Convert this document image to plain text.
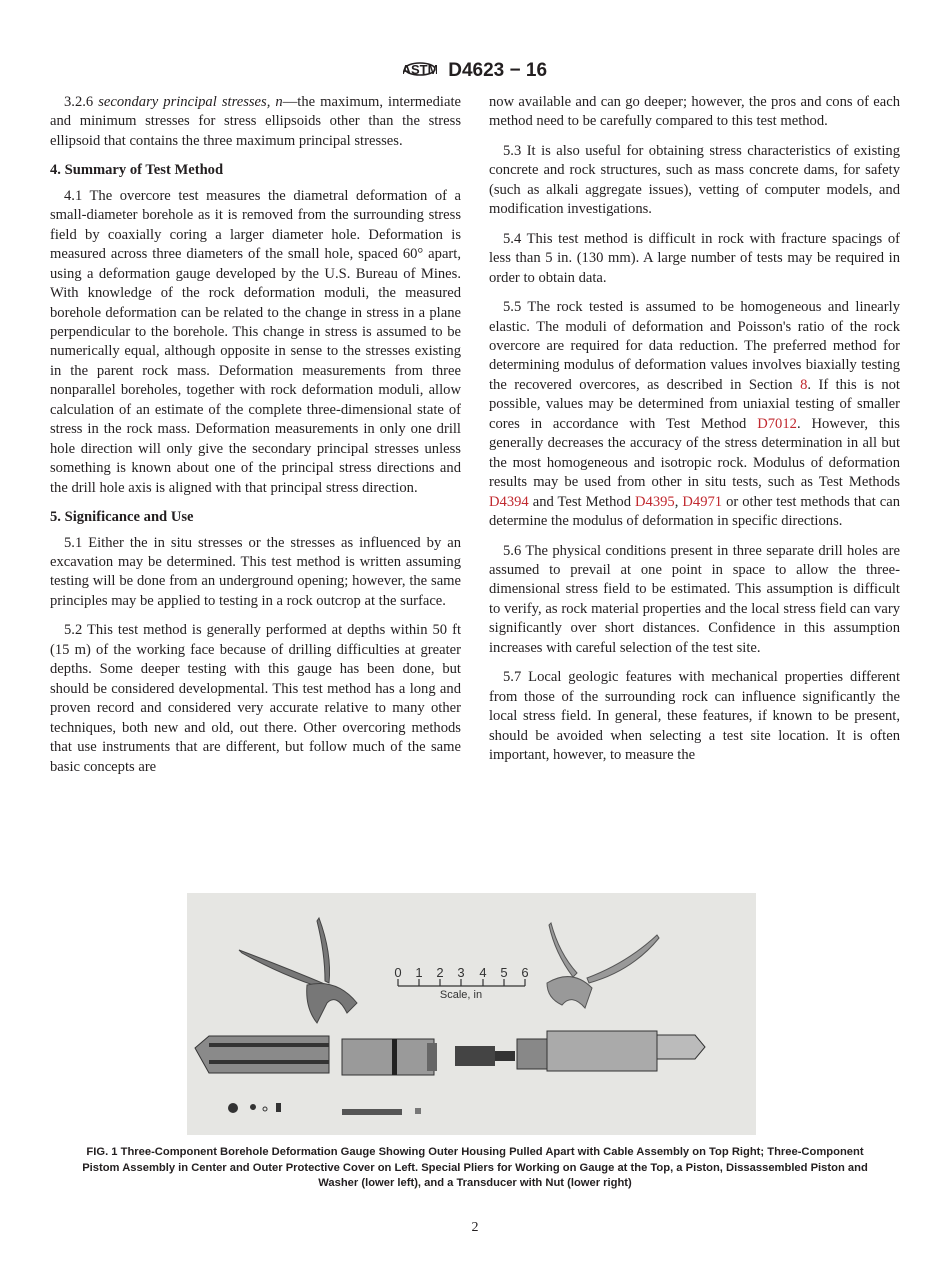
ASTM D4623 − 16

3.2.6 secondary principal stresses, n—the maximum, intermediate and minimum stresses for stress ellipsoids other than the stress ellipsoid that contains the three maximum principal stresses.

4. Summary of Test Method

4.1 The overcore test measures the diametral deformation of a small-diameter borehole as it is removed from the surrounding stress field by coaxially coring a larger diameter hole. Deformation is measured across three diameters of the small hole, spaced 60° apart, using a deformation gauge developed by the U.S. Bureau of Mines. With knowledge of the rock deformation moduli, the measured borehole deformation can be related to the change in stress in a plane perpendicular to the borehole. This change in stress is assumed to be numerically equal, although opposite in sense to the stresses existing in the parent rock mass. Deformation measurements from three nonparallel boreholes, together with rock deformation moduli, allow calculation of an estimate of the complete three-dimensional state of stress in the rock mass. Deformation measurements in only one drill hole direction will only give the secondary principal stresses unless something is known about one of the principal stress directions and the drill hole axis is aligned with that principal stress direction.

5. Significance and Use

5.1 Either the in situ stresses or the stresses as influenced by an excavation may be determined. This test method is written assuming testing will be done from an underground opening; however, the same principles may be applied to testing in a rock outcrop at the surface.

5.2 This test method is generally performed at depths within 50 ft (15 m) of the working face because of drilling difficulties at greater depths. Some deeper testing with this gauge has been done, but should be considered developmental. This test method has a long and proven record and considered very accurate relative to many other techniques, both new and old, out there. Other overcoring methods that use instruments that are different, but follow much of the same basic concepts are

now available and can go deeper; however, the pros and cons of each method need to be carefully compared to this test method.

5.3 It is also useful for obtaining stress characteristics of existing concrete and rock structures, such as mass concrete dams, for safety (such as alkali aggregate issues), vetting of computer models, and modification investigations.

5.4 This test method is difficult in rock with fracture spacings of less than 5 in. (130 mm). A large number of tests may be required in order to obtain data.

5.5 The rock tested is assumed to be homogeneous and linearly elastic. The moduli of deformation and Poisson's ratio of the rock overcore are required for data reduction. The preferred method for determining modulus of deformation values involves biaxially testing the recovered overcores, as described in Section 8. If this is not possible, values may be determined from uniaxial testing of smaller cores in accordance with Test Method D7012. However, this generally decreases the accuracy of the stress determination in all but the most homogeneous and isotropic rock. Modulus of deformation results may be used from other in situ tests, such as Test Methods D4394 and Test Method D4395, D4971 or other test methods that can determine the modulus of deformation in specific directions.

5.6 The physical conditions present in three separate drill holes are assumed to prevail at one point in space to allow the three-dimensional stress field to be estimated. This assumption is difficult to verify, as rock material properties and the local stress field can vary significantly over short distances. Confidence in this assumption increases with careful selection of the test site.

5.7 Local geologic features with mechanical properties different from those of the surrounding rock can influence significantly the local stress field. In general, these features, if known to be present, should be avoided when selecting a test site location. It is often important, however, to measure the

0 1 2 3 4 5 6
Scale, in
FIG. 1 Three-Component Borehole Deformation Gauge Showing Outer Housing Pulled Apart with Cable Assembly on Top Right; Three-Component Pistom Assembly in Center and Outer Protective Cover on Left. Special Pliers for Working on Gauge at the Top, a Piston, Dissassembled Piston and Washer (lower left), and a Transducer with Nut (lower right)
2
